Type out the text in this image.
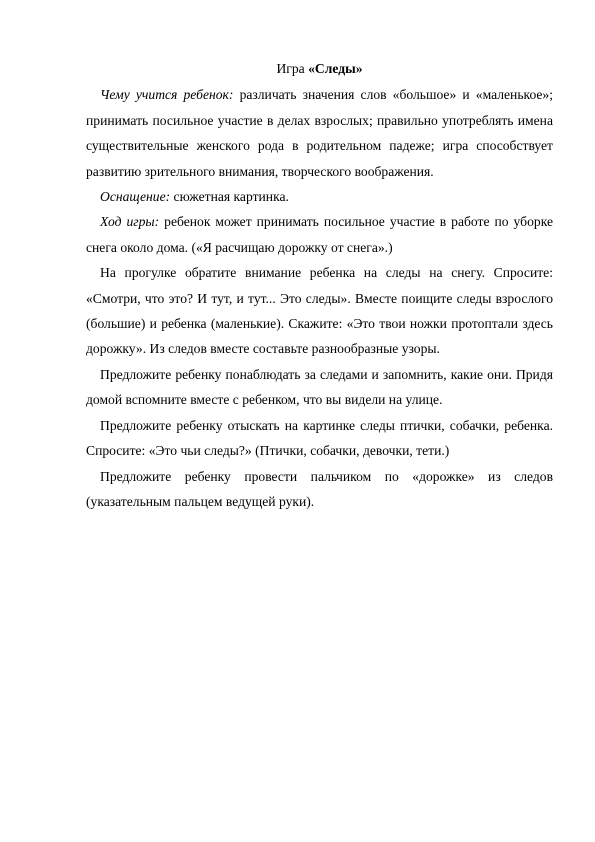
Игра «Следы»

Чему учится ребенок: различать значения слов «большое» и «маленькое»; принимать посильное участие в делах взрослых; правильно употреблять имена существительные женского рода в родительном падеже; игра способствует развитию зрительного внимания, творческого воображения.

Оснащение: сюжетная картинка.

Ход игры: ребенок может принимать посильное участие в работе по уборке снега около дома. («Я расчищаю дорожку от снега».)

На прогулке обратите внимание ребенка на следы на снегу. Спросите: «Смотри, что это? И тут, и тут... Это следы». Вместе поищите следы взрослого (большие) и ребенка (маленькие). Скажите: «Это твои ножки протоптали здесь дорожку». Из следов вместе составьте разнообразные узоры.

Предложите ребенку понаблюдать за следами и запомнить, какие они. Придя домой вспомните вместе с ребенком, что вы видели на улице.

Предложите ребенку отыскать на картинке следы птички, собачки, ребенка. Спросите: «Это чьи следы?» (Птички, собачки, девочки, тети.)

Предложите ребенку провести пальчиком по «дорожке» из следов (указательным пальцем ведущей руки).
